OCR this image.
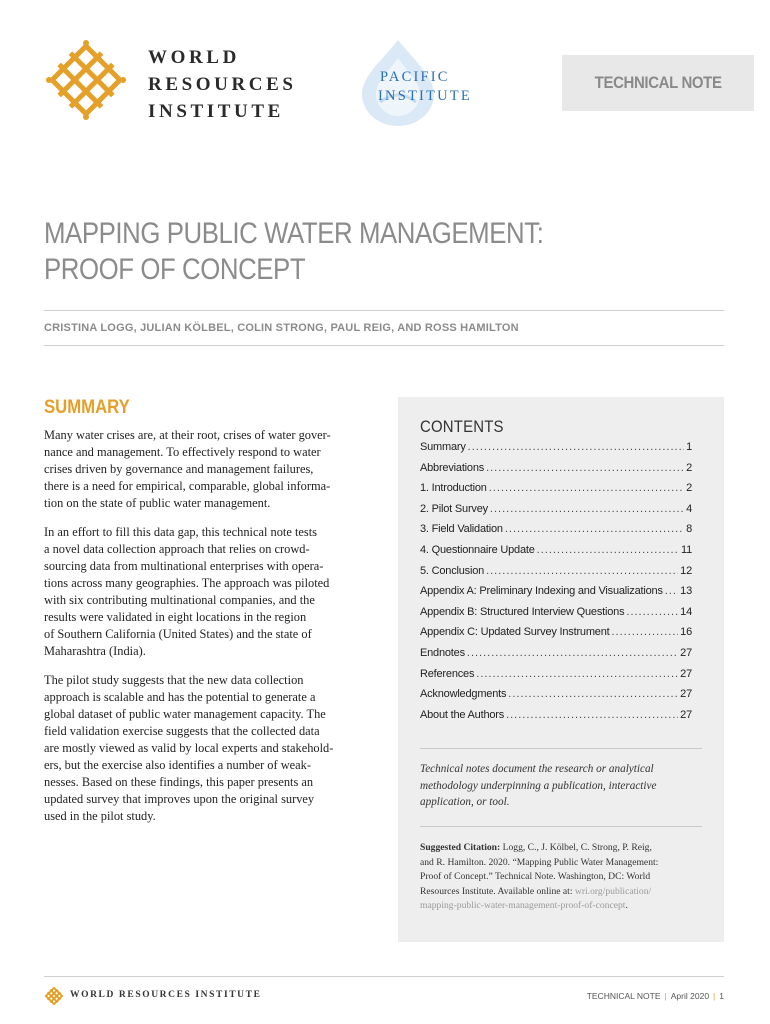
WORLD
RESOURCES
INSTITUTE
PACIFIC
INSTITUTE
TECHNICAL NOTE
MAPPING PUBLIC WATER MANAGEMENT:
PROOF OF CONCEPT
CRISTINA LOGG, JULIAN KÖLBEL, COLIN STRONG, PAUL REIG, AND ROSS HAMILTON
SUMMARY

Many water crises are, at their root, crises of water gover-
nance and management. To effectively respond to water
crises driven by governance and management failures,
there is a need for empirical, comparable, global informa-
tion on the state of public water management.

In an effort to fill this data gap, this technical note tests
a novel data collection approach that relies on crowd-
sourcing data from multinational enterprises with opera-
tions across many geographies. The approach was piloted
with six contributing multinational companies, and the
results were validated in eight locations in the region
of Southern California (United States) and the state of
Maharashtra (India).

The pilot study suggests that the new data collection
approach is scalable and has the potential to generate a
global dataset of public water management capacity. The
field validation exercise suggests that the collected data
are mostly viewed as valid by local experts and stakehold-
ers, but the exercise also identifies a number of weak-
nesses. Based on these findings, this paper presents an
updated survey that improves upon the original survey
used in the pilot study.

CONTENTS
Summary .....	1
Abbreviations .....	2
1. Introduction .....	2
2. Pilot Survey .....	4
3. Field Validation .....	8
4. Questionnaire Update .....	11
5. Conclusion .....	12
Appendix A: Preliminary Indexing and Visualizations ..... 13
Appendix B: Structured Interview Questions .....	14
Appendix C: Updated Survey Instrument .....	16
Endnotes .....	27
References .....	27
Acknowledgments .....	27
About the Authors .....	27
Technical notes document the research or analytical
methodology underpinning a publication, interactive
application, or tool.
Suggested Citation: Logg, C., J. Kölbel, C. Strong, P. Reig,
and R. Hamilton. 2020. “Mapping Public Water Management:
Proof of Concept.” Technical Note. Washington, DC: World
Resources Institute. Available online at: wri.org/publication/
mapping-public-water-management-proof-of-concept.
WORLD RESOURCES INSTITUTE	TECHNICAL NOTE | April 2020 | 1
